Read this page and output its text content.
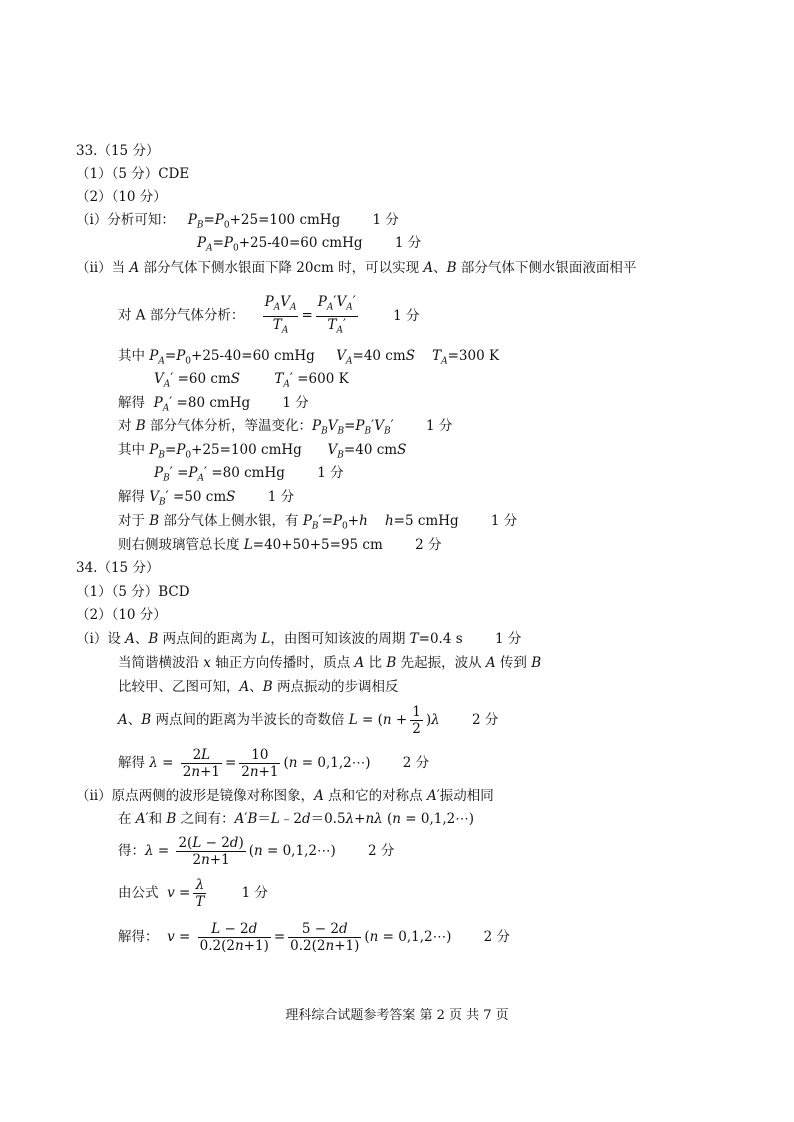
33.（15 分）
（1）（5 分）CDE
（2）（10 分）
（ⅰ）分析可知： $P_B=P_0+25=100$ cmHg 1 分
$P_A=P_0+25-40=60$ cmHg 1 分
（ⅱ）当 A 部分气体下侧水银面下降 20cm 时，可以实现 A、B 部分气体下侧水银面液面相平
对 A 部分气体分析： $\frac{P_AV_A}{T_A} = \frac{P_A'V_A'}{T_A'}$	1 分
其中 $P_A=P_0+25-40=60$ cmHg     $V_A=40$ cmS $T_A=300$ K
$V_A' =60$ cmS	$T_A' =600$ K
解得  $P_A' =80$ cmHg 1 分
对 B 部分气体分析，等温变化：$P_BV_B=P_B'V_B'$ 1 分
其中 $P_B=P_0+25=100$ cmHg      $V_B=40$ cmS
$P_B' =P_A' =80$ cmHg 1 分
解得 $V_B' =50$ cmS 1 分
对于 B 部分气体上侧水银，有 $P_B'=P_0+h$ h=5 cmHg 1 分
则右侧玻璃管总长度 L=40+50+5=95 cm 2 分
34.（15 分）
（1）（5 分）BCD
（2）（10 分）
（ⅰ）设 A、B 两点间的距离为 L，由图可知该波的周期 T=0.4 s 1 分
当简谐横波沿 x 轴正方向传播时，质点 A 比 B 先起振，波从 A 传到 B
比较甲、乙图可知，A、B 两点振动的步调相反
A、B 两点间的距离为半波长的奇数倍 $L = (n + \frac{1}{2} )\lambda$ 2 分
解得 $\lambda = \frac{2L}{2n+1} = \frac{10}{2n+1} (n$ = 0,1,2⋯) 2 分
（ⅱ）原点两侧的波形是镜像对称图象，A 点和它的对称点 A′振动相同
在 A′和 B 之间有：A′B＝L﹣2d＝0.5λ+nλ (n = 0,1,2⋯)
得：$\lambda = \frac{2(L - 2d)}{2n+1} (n$ = 0,1,2⋯) 2 分
由公式  $v = \frac{\lambda}{T}$	1 分
解得：  $v = \frac{L - 2d}{0.2(2n+1)} = \frac{5 - 2d}{0.2(2n+1)} (n$ = 0,1,2⋯) 2 分
理科综合试题参考答案 第 2 页 共 7 页
